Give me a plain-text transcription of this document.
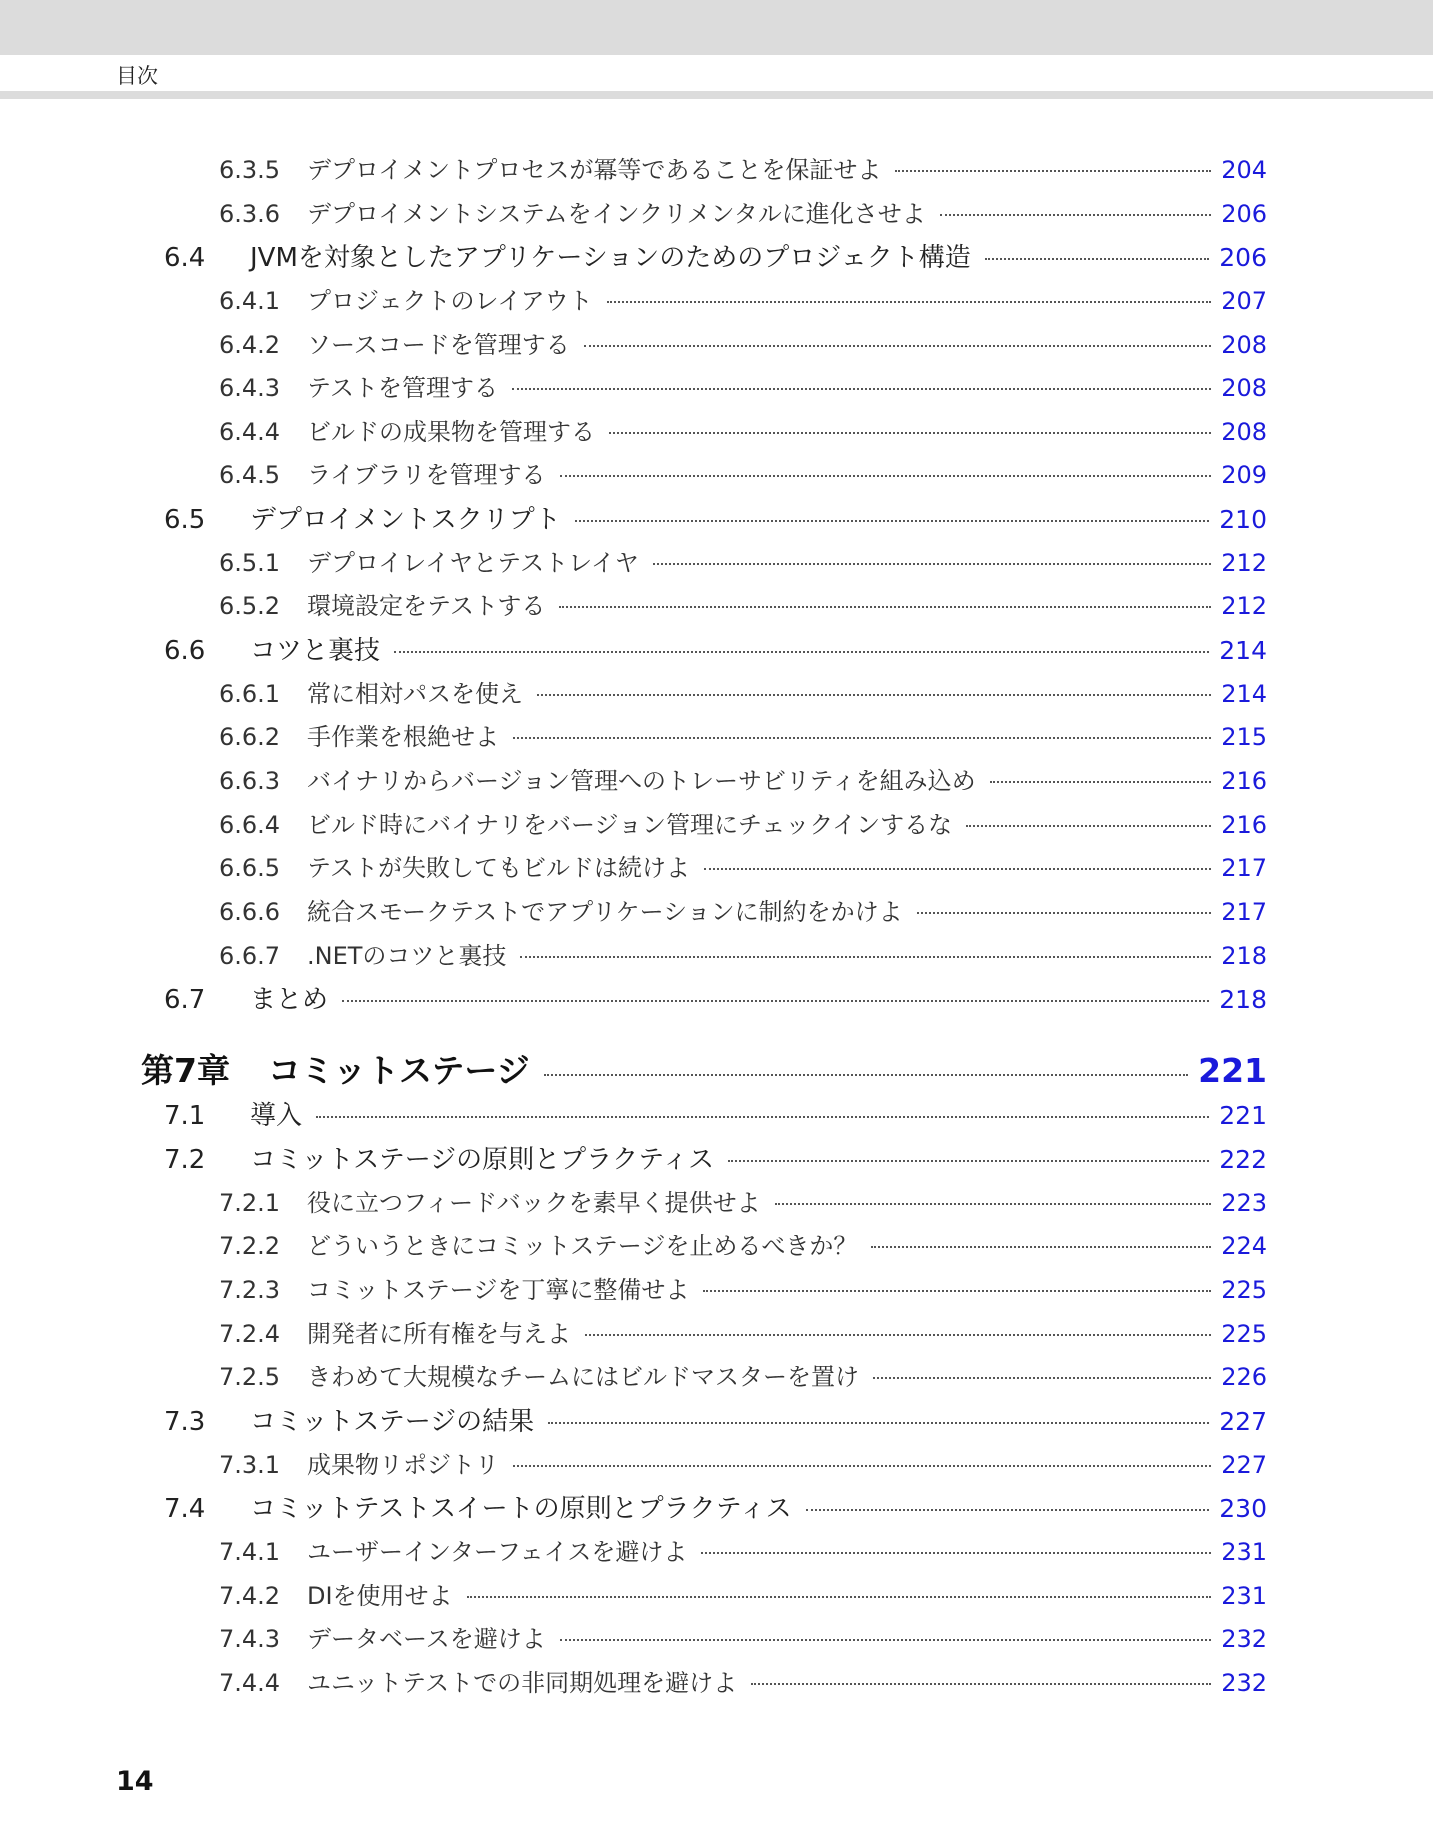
目次
6.3.5 デプロイメントプロセスが冪等であることを保証せよ	204
6.3.6 デプロイメントシステムをインクリメンタルに進化させよ	206
6.4	JVMを対象としたアプリケーションのためのプロジェクト構造	206
6.4.1 プロジェクトのレイアウト	207
6.4.2 ソースコードを管理する	208
6.4.3 テストを管理する	208
6.4.4 ビルドの成果物を管理する	208
6.4.5 ライブラリを管理する	209
6.5	デプロイメントスクリプト	210
6.5.1 デプロイレイヤとテストレイヤ	212
6.5.2 環境設定をテストする	212
6.6	コツと裏技	214
6.6.1 常に相対パスを使え	214
6.6.2 手作業を根絶せよ	215
6.6.3 バイナリからバージョン管理へのトレーサビリティを組み込め	216
6.6.4 ビルド時にバイナリをバージョン管理にチェックインするな	216
6.6.5 テストが失敗してもビルドは続けよ	217
6.6.6 統合スモークテストでアプリケーションに制約をかけよ	217
6.6.7 .NETのコツと裏技	218
6.7	まとめ	218
第7章 コミットステージ	221
7.1	導入	221
7.2	コミットステージの原則とプラクティス	222
7.2.1 役に立つフィードバックを素早く提供せよ	223
7.2.2 どういうときにコミットステージを止めるべきか？	224
7.2.3 コミットステージを丁寧に整備せよ	225
7.2.4 開発者に所有権を与えよ	225
7.2.5 きわめて大規模なチームにはビルドマスターを置け	226
7.3	コミットステージの結果	227
7.3.1 成果物リポジトリ	227
7.4	コミットテストスイートの原則とプラクティス	230
7.4.1 ユーザーインターフェイスを避けよ	231
7.4.2 DIを使用せよ	231
7.4.3 データベースを避けよ	232
7.4.4 ユニットテストでの非同期処理を避けよ	232
14
